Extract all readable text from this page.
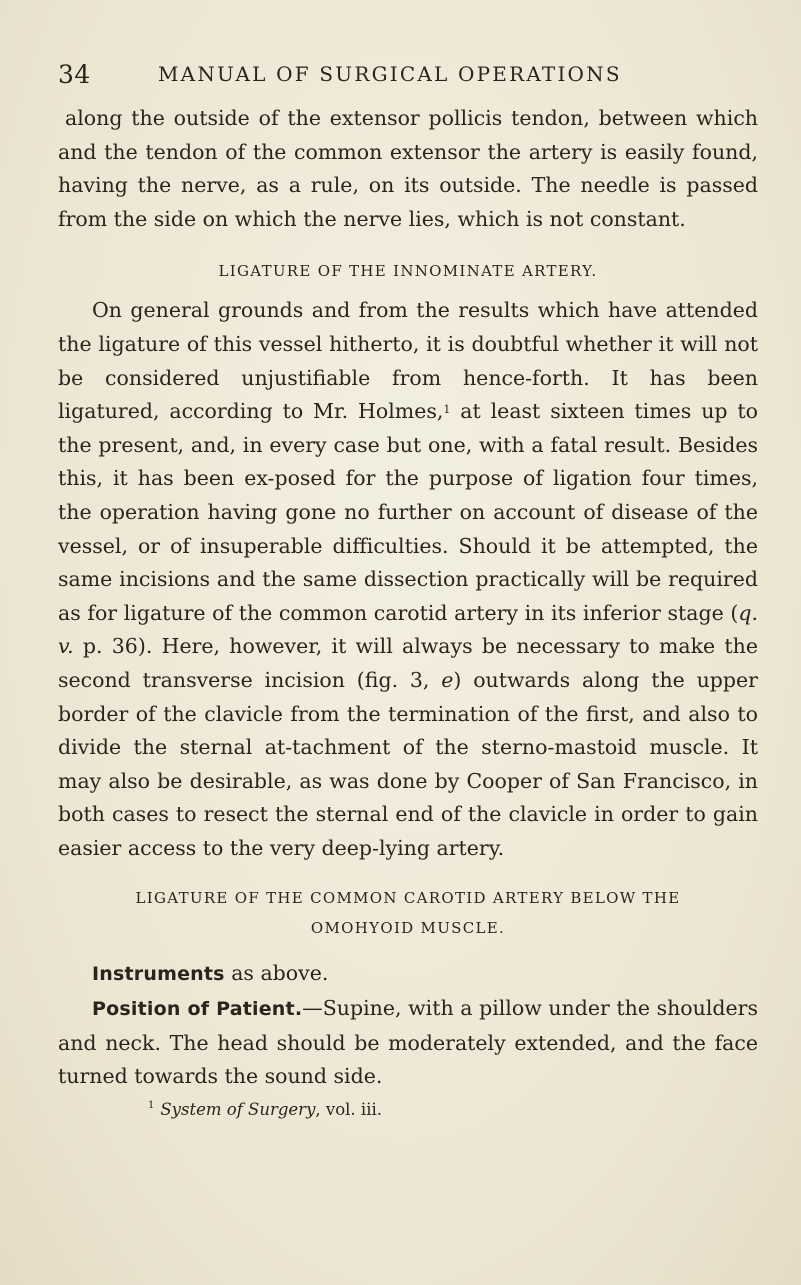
34	MANUAL OF SURGICAL OPERATIONS

along the outside of the extensor pollicis tendon, between which and the tendon of the common extensor the artery is easily found, having the nerve, as a rule, on its outside. The needle is passed from the side on which the nerve lies, which is not constant.

LIGATURE OF THE INNOMINATE ARTERY.

On general grounds and from the results which have attended the ligature of this vessel hitherto, it is doubtful whether it will not be considered unjustifiable from hence-forth. It has been ligatured, according to Mr. Holmes,$^1$ at least sixteen times up to the present, and, in every case but one, with a fatal result. Besides this, it has been ex-posed for the purpose of ligation four times, the operation having gone no further on account of disease of the vessel, or of insuperable difficulties. Should it be attempted, the same incisions and the same dissection practically will be required as for ligature of the common carotid artery in its inferior stage (q. v. p. 36). Here, however, it will always be necessary to make the second transverse incision (fig. 3, e) outwards along the upper border of the clavicle from the termination of the first, and also to divide the sternal at-tachment of the sterno-mastoid muscle. It may also be desirable, as was done by Cooper of San Francisco, in both cases to resect the sternal end of the clavicle in order to gain easier access to the very deep-lying artery.

LIGATURE OF THE COMMON CAROTID ARTERY BELOW THE
OMOHYOID MUSCLE.

Instruments as above.

Position of Patient.—Supine, with a pillow under the shoulders and neck. The head should be moderately extended, and the face turned towards the sound side.

$^1$ System of Surgery, vol. iii.
